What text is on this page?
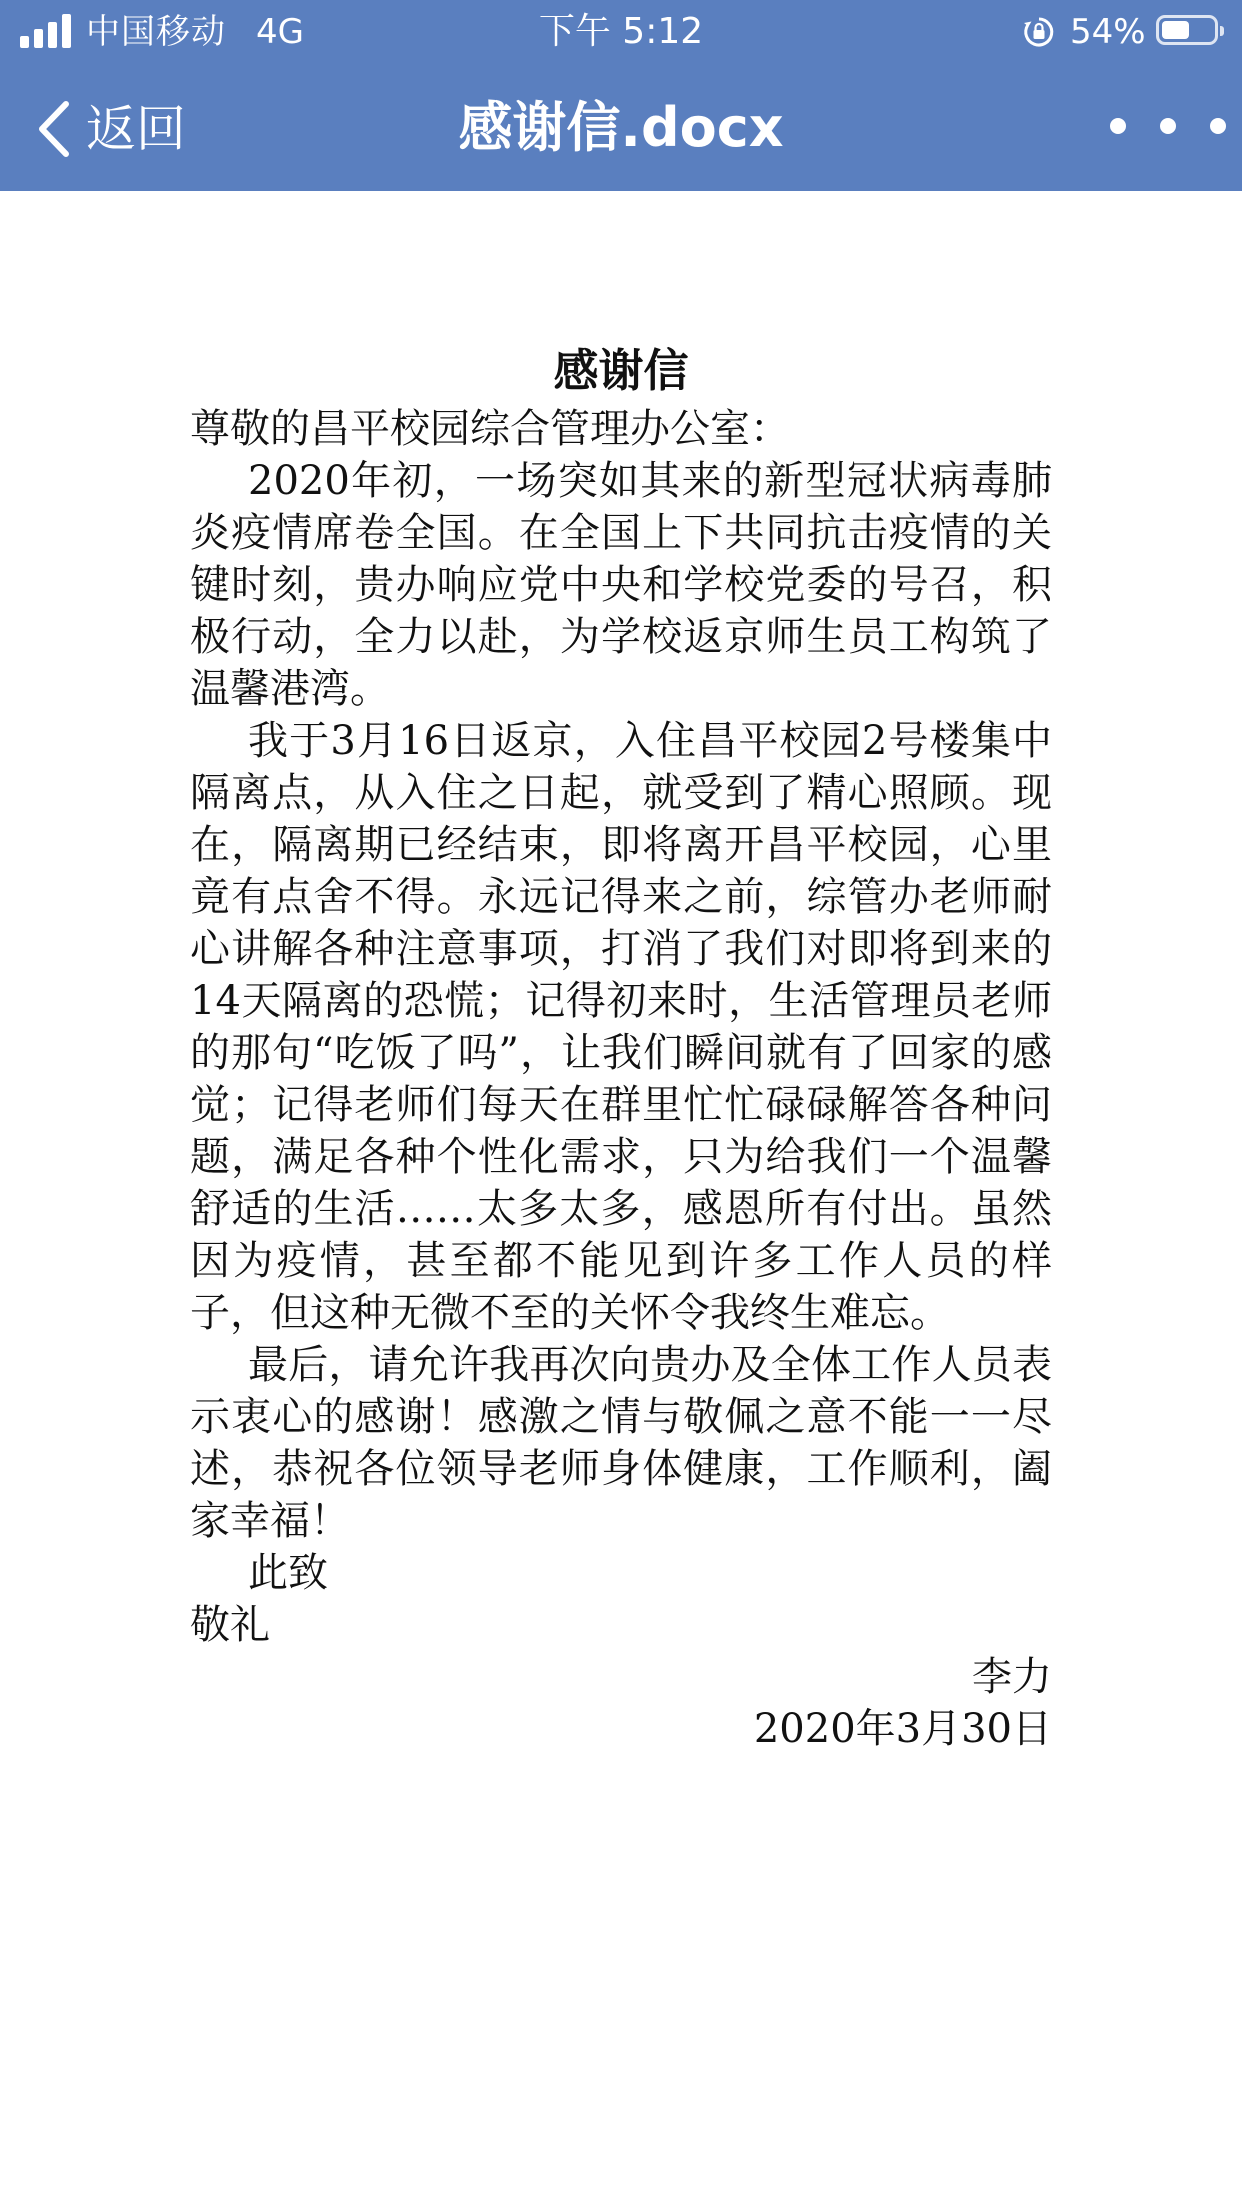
中国移动 4G	下午 5:12	54%
返回	感谢信.docx
感谢信

尊敬的昌平校园综合管理办公室：

2020年初，一场突如其来的新型冠状病毒肺炎疫情席卷全国。在全国上下共同抗击疫情的关键时刻，贵办响应党中央和学校党委的号召，积极行动，全力以赴，为学校返京师生员工构筑了温馨港湾。

我于3月16日返京，入住昌平校园2号楼集中隔离点，从入住之日起，就受到了精心照顾。现在，隔离期已经结束，即将离开昌平校园，心里竟有点舍不得。永远记得来之前，综管办老师耐心讲解各种注意事项，打消了我们对即将到来的14天隔离的恐慌；记得初来时，生活管理员老师的那句“吃饭了吗”，让我们瞬间就有了回家的感觉；记得老师们每天在群里忙忙碌碌解答各种问题，满足各种个性化需求，只为给我们一个温馨舒适的生活……太多太多，感恩所有付出。虽然因为疫情，甚至都不能见到许多工作人员的样子，但这种无微不至的关怀令我终生难忘。

最后，请允许我再次向贵办及全体工作人员表示衷心的感谢！感激之情与敬佩之意不能一一尽述，恭祝各位领导老师身体健康，工作顺利，阖家幸福！

此致

敬礼

李力

2020年3月30日
